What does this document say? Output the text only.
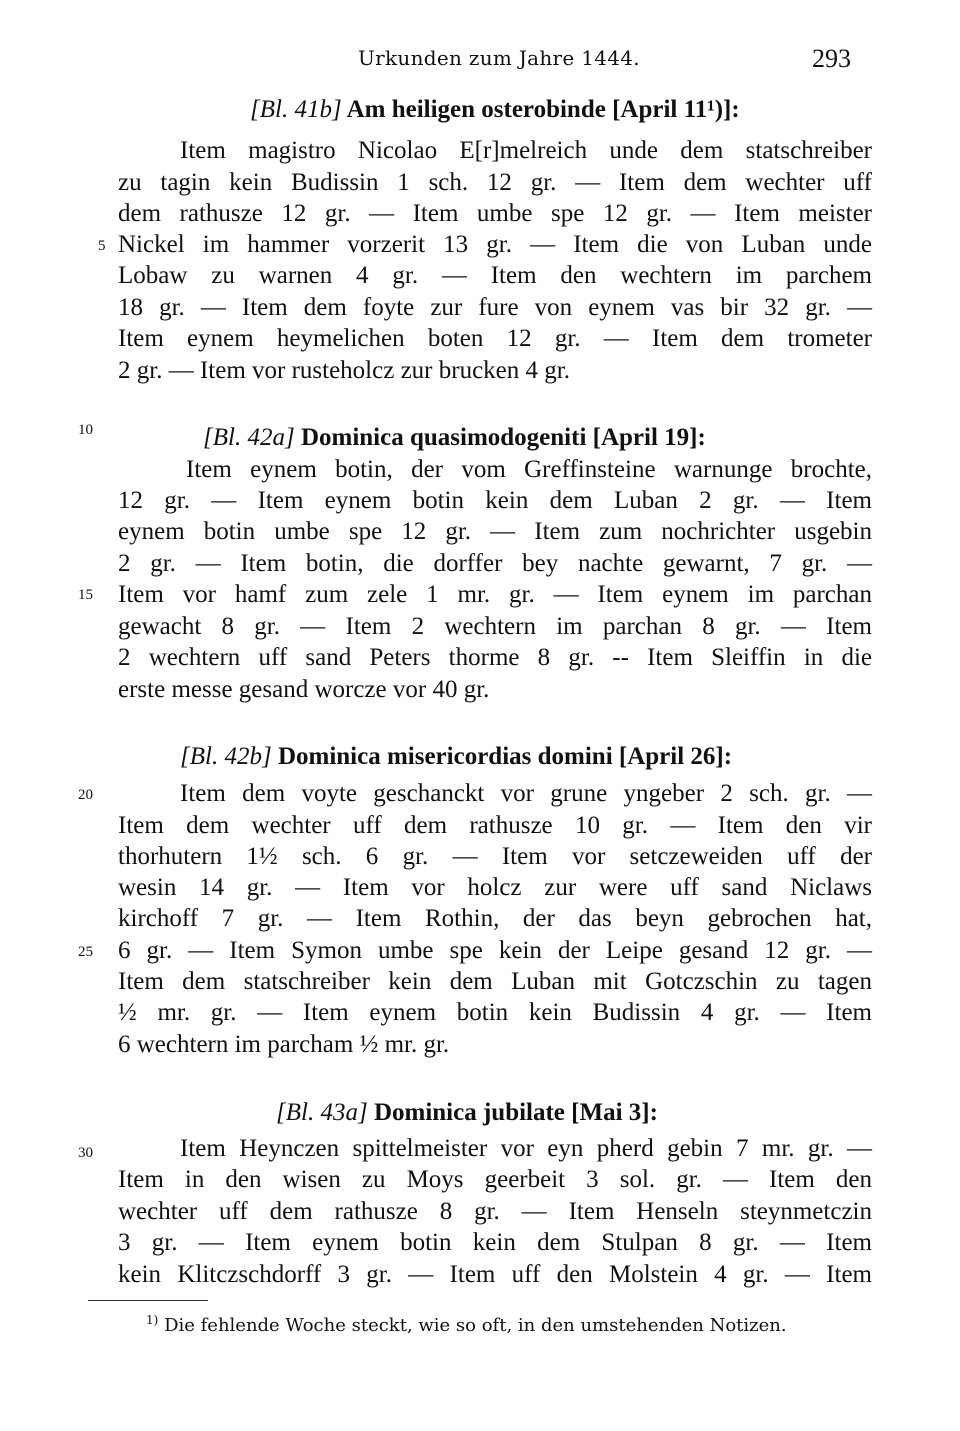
Urkunden zum Jahre 1444.	293
[Bl. 41b] Am heiligen osterobinde [April 11¹)]:
Item magistro Nicolao E[r]melreich unde dem statschreiber
zu tagin kein Budissin 1 sch. 12 gr. — Item dem wechter uff
dem rathusze 12 gr. — Item umbe spe 12 gr. — Item meister
Nickel im hammer vorzerit 13 gr. — Item die von Luban unde
Lobaw zu warnen 4 gr. — Item den wechtern im parchem
18 gr. — Item dem foyte zur fure von eynem vas bir 32 gr. —
Item eynem heymelichen boten 12 gr. — Item dem trometer
2 gr. — Item vor rusteholcz zur brucken 4 gr.
[Bl. 42a] Dominica quasimodogeniti [April 19]:
Item eynem botin, der vom Greffinsteine warnunge brochte,
12 gr. — Item eynem botin kein dem Luban 2 gr. — Item
eynem botin umbe spe 12 gr. — Item zum nochrichter usgebin
2 gr. — Item botin, die dorffer bey nachte gewarnt, 7 gr. —
Item vor hamf zum zele 1 mr. gr. — Item eynem im parchan
gewacht 8 gr. — Item 2 wechtern im parchan 8 gr. — Item
2 wechtern uff sand Peters thorme 8 gr. -- Item Sleiffin in die
erste messe gesand worcze vor 40 gr.
[Bl. 42b] Dominica misericordias domini [April 26]:
Item dem voyte geschanckt vor grune yngeber 2 sch. gr. —
Item dem wechter uff dem rathusze 10 gr. — Item den vir
thorhutern 1½ sch. 6 gr. — Item vor setczeweiden uff der
wesin 14 gr. — Item vor holcz zur were uff sand Niclaws
kirchoff 7 gr. — Item Rothin, der das beyn gebrochen hat,
6 gr. — Item Symon umbe spe kein der Leipe gesand 12 gr. —
Item dem statschreiber kein dem Luban mit Gotczschin zu tagen
½ mr. gr. — Item eynem botin kein Budissin 4 gr. — Item
6 wechtern im parcham ½ mr. gr.
[Bl. 43a] Dominica jubilate [Mai 3]:
Item Heynczen spittelmeister vor eyn pherd gebin 7 mr. gr. —
Item in den wisen zu Moys geerbeit 3 sol. gr. — Item den
wechter uff dem rathusze 8 gr. — Item Henseln steynmetczin
3 gr. — Item eynem botin kein dem Stulpan 8 gr. — Item
kein Klitczschdorff 3 gr. — Item uff den Molstein 4 gr. — Item
5
10
15
20
25
30
$^{1)}$ Die fehlende Woche steckt, wie so oft, in den umstehenden Notizen.
